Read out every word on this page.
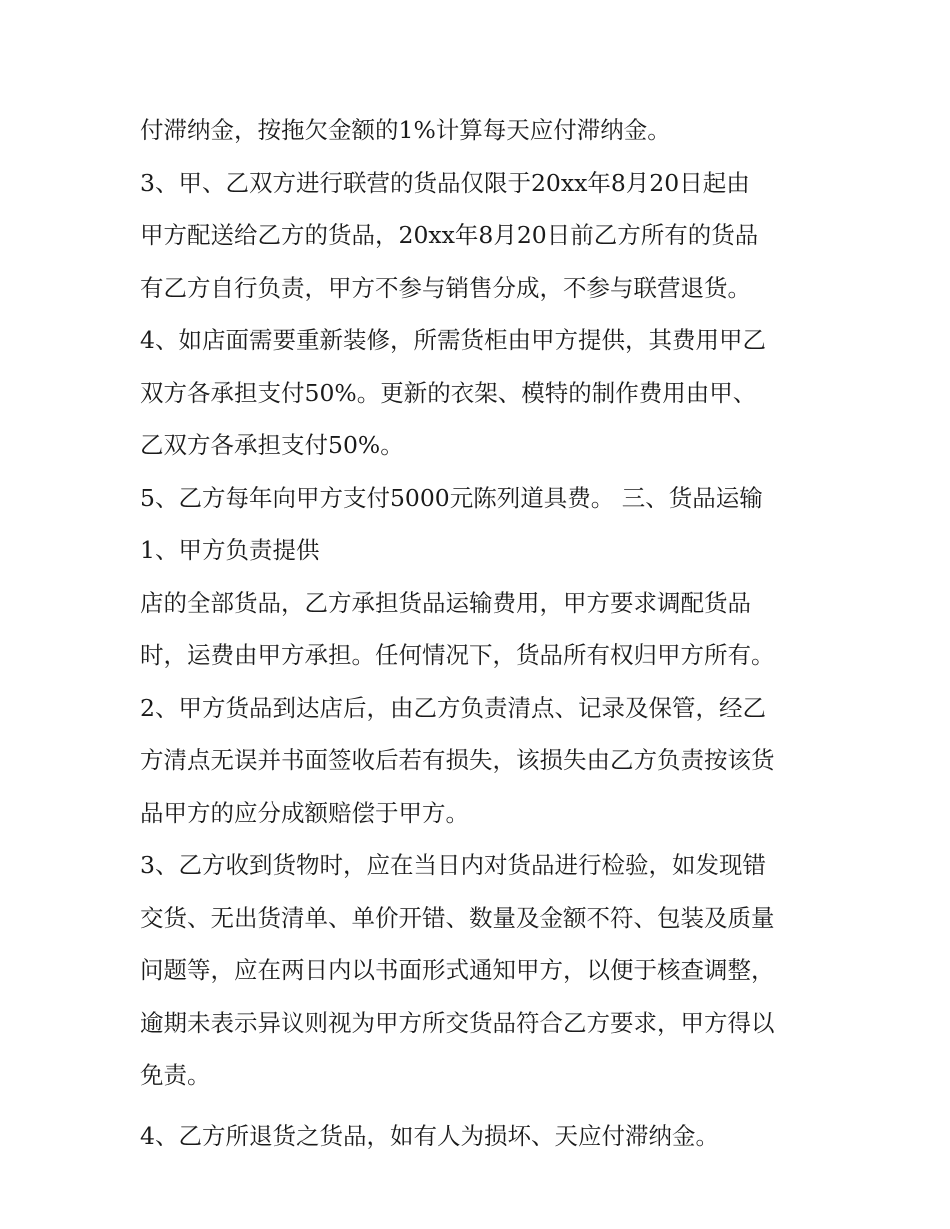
付滞纳金，按拖欠金额的1%计算每天应付滞纳金。
3、甲、乙双方进行联营的货品仅限于20xx年8月20日起由
甲方配送给乙方的货品，20xx年8月20日前乙方所有的货品
有乙方自行负责，甲方不参与销售分成，不参与联营退货。
4、如店面需要重新装修，所需货柜由甲方提供，其费用甲乙
双方各承担支付50%。更新的衣架、模特的制作费用由甲、
乙双方各承担支付50%。
5、乙方每年向甲方支付5000元陈列道具费。 三、货品运输
1、甲方负责提供
店的全部货品，乙方承担货品运输费用，甲方要求调配货品
时，运费由甲方承担。任何情况下，货品所有权归甲方所有。
2、甲方货品到达店后，由乙方负责清点、记录及保管，经乙
方清点无误并书面签收后若有损失，该损失由乙方负责按该货
品甲方的应分成额赔偿于甲方。
3、乙方收到货物时，应在当日内对货品进行检验，如发现错
交货、无出货清单、单价开错、数量及金额不符、包装及质量
问题等，应在两日内以书面形式通知甲方，以便于核查调整，
逾期未表示异议则视为甲方所交货品符合乙方要求，甲方得以
免责。
4、乙方所退货之货品，如有人为损坏、天应付滞纳金。
